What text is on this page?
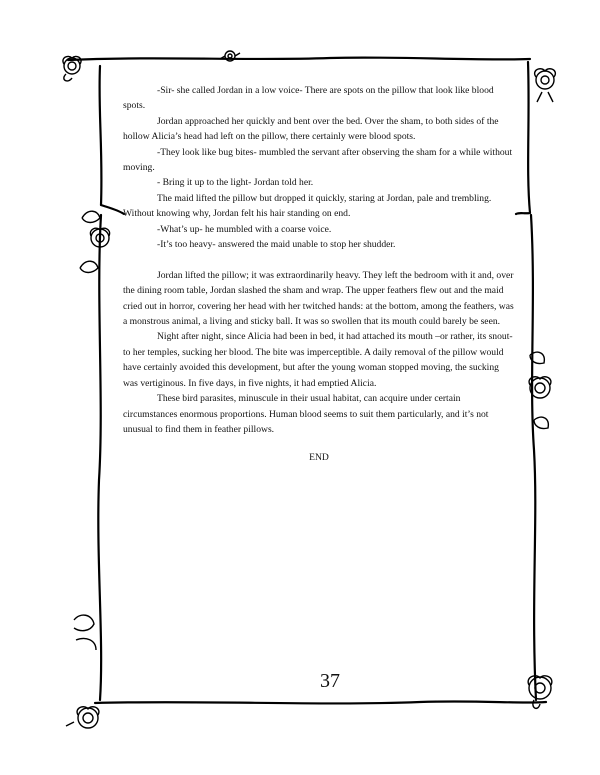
-Sir- she called Jordan in a low voice- There are spots on the pillow that look like blood spots.

Jordan approached her quickly and bent over the bed. Over the sham, to both sides of the hollow Alicia’s head had left on the pillow, there certainly were blood spots.

-They look like bug bites- mumbled the servant after observing the sham for a while without moving.

- Bring it up to the light- Jordan told her.

The maid lifted the pillow but dropped it quickly, staring at Jordan, pale and trembling. Without knowing why, Jordan felt his hair standing on end.

-What’s up- he mumbled with a coarse voice.

-It’s too heavy- answered the maid unable to stop her shudder.

Jordan lifted the pillow; it was extraordinarily heavy. They left the bedroom with it and, over the dining room table, Jordan slashed the sham and wrap. The upper feathers flew out and the maid cried out in horror, covering her head with her twitched hands: at the bottom, among the feathers, was a monstrous animal, a living and sticky ball. It was so swollen that its mouth could barely be seen.

Night after night, since Alicia had been in bed, it had attached its mouth –or rather, its snout- to her temples, sucking her blood. The bite was imperceptible. A daily removal of the pillow would have certainly avoided this development, but after the young woman stopped moving, the sucking was vertiginous. In five days, in five nights, it had emptied Alicia.

These bird parasites, minuscule in their usual habitat, can acquire under certain circumstances enormous proportions. Human blood seems to suit them particularly, and it’s not unusual to find them in feather pillows.

END
37
